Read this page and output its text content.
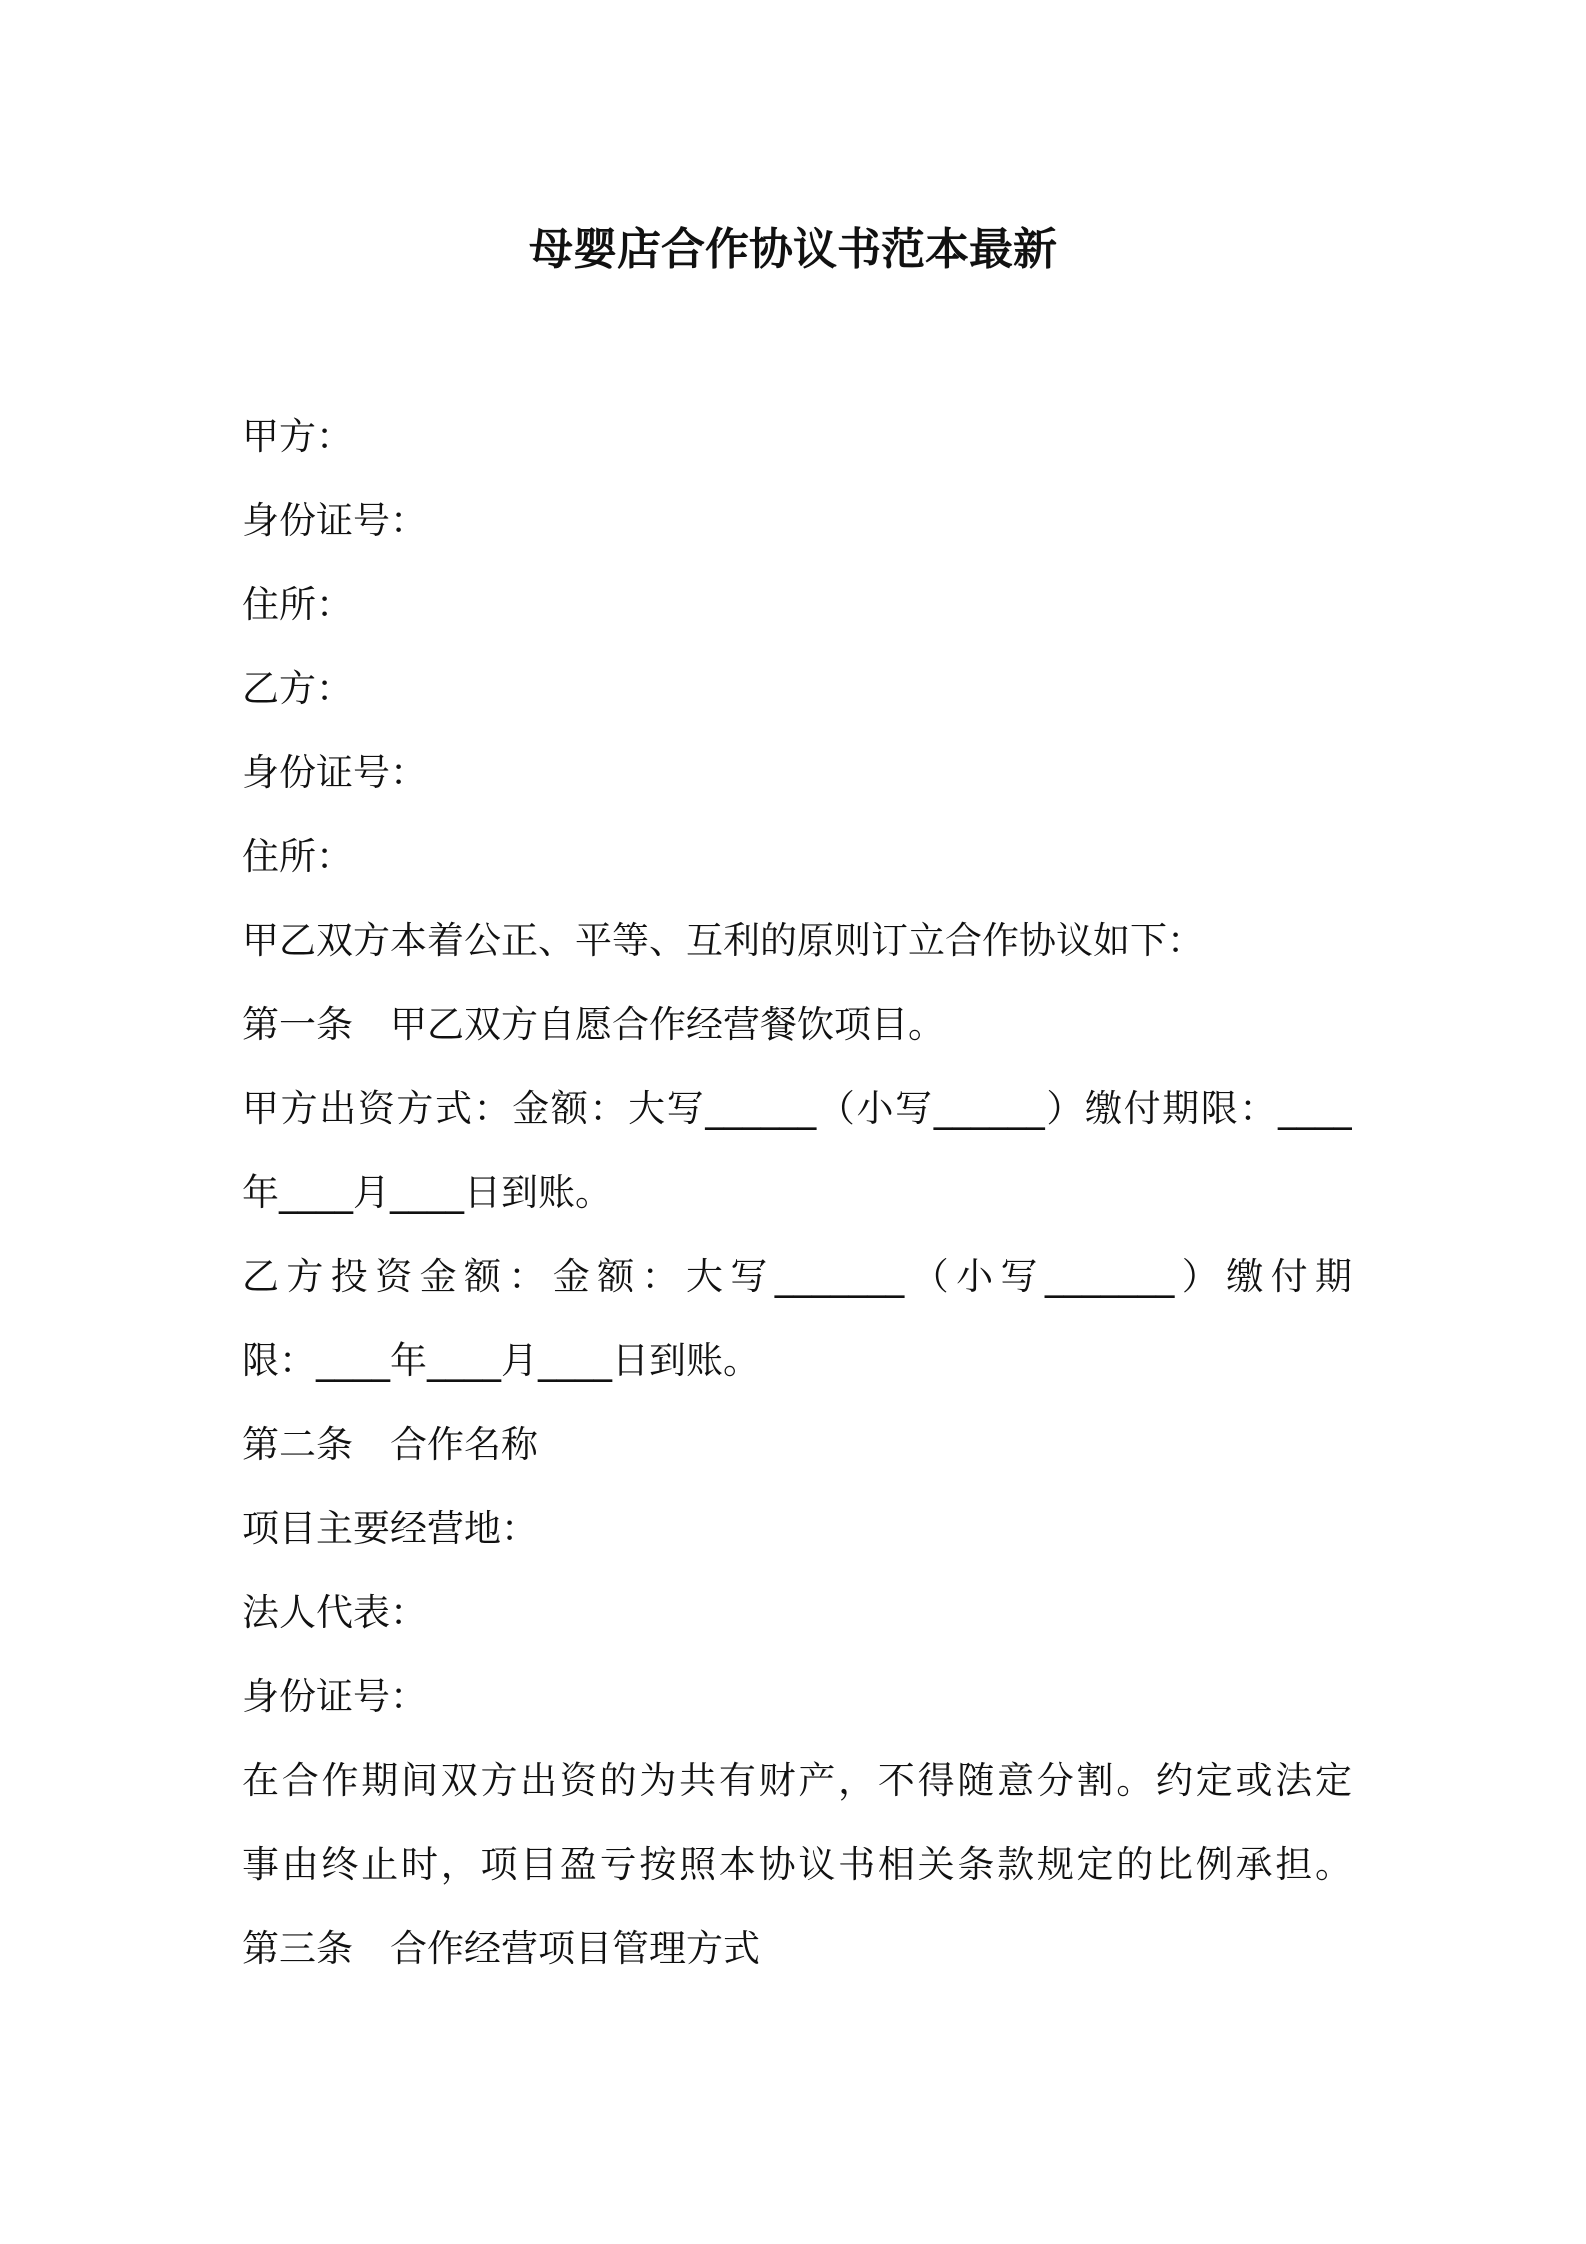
母婴店合作协议书范本最新

甲方：

身份证号：

住所：

乙方：

身份证号：

住所：

甲乙双方本着公正、平等、互利的原则订立合作协议如下：

第一条　甲乙双方自愿合作经营餐饮项目。

甲方出资方式：金额：大写______（小写______）缴付期限：____

年____月____日到账。

乙方投资金额：金额：大写_______（小写_______）缴付期

限：____年____月____日到账。

第二条　合作名称

项目主要经营地：

法人代表：

身份证号：

在合作期间双方出资的为共有财产，不得随意分割。约定或法定

事由终止时，项目盈亏按照本协议书相关条款规定的比例承担。

第三条　合作经营项目管理方式
